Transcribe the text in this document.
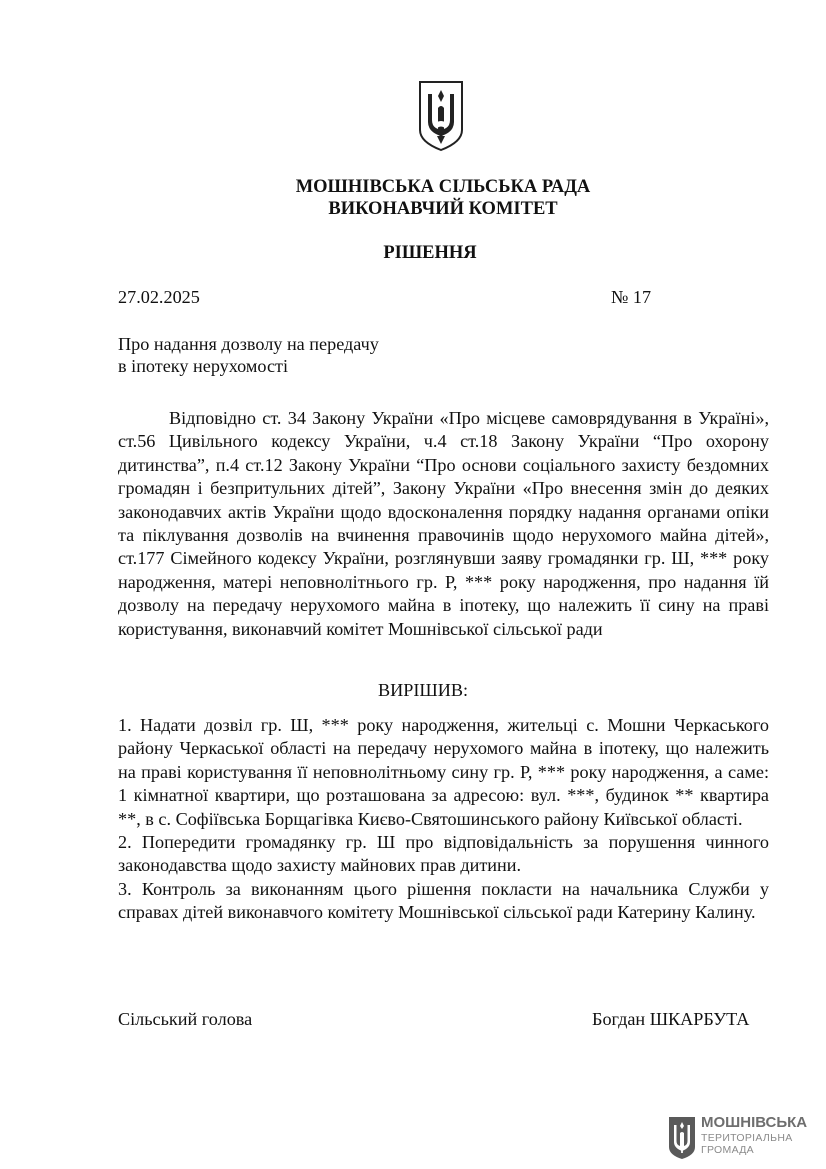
МОШНІВСЬКА СІЛЬСЬКА РАДА
ВИКОНАВЧИЙ КОМІТЕТ
РІШЕННЯ
27.02.2025	№ 17
Про надання дозволу на передачу
в іпотеку нерухомості
Відповідно ст. 34 Закону України «Про місцеве самоврядування в Україні», ст.56 Цивільного кодексу України, ч.4 ст.18 Закону України “Про охорону дитинства”, п.4 ст.12 Закону України “Про основи соціального захисту бездомних громадян і безпритульних дітей”, Закону України «Про внесення змін до деяких законодавчих актів України щодо вдосконалення порядку надання органами опіки та піклування дозволів на вчинення правочинів щодо нерухомого майна дітей», ст.177 Сімейного кодексу України, розглянувши заяву громадянки гр. Ш, *** року народження, матері неповнолітнього гр. Р, *** року народження, про надання їй дозволу на передачу нерухомого майна в іпотеку, що належить її сину на праві користування, виконавчий комітет Мошнівської сільської ради
ВИРІШИВ:

1. Надати дозвіл гр. Ш, *** року народження, жительці с. Мошни Черкаського району Черкаської області на передачу нерухомого майна в іпотеку, що належить на праві користування її неповнолітньому сину гр. Р, *** року народження, а саме: 1 кімнатної квартири, що розташована за адресою: вул. ***, будинок ** квартира **, в с. Софіївська Борщагівка Києво-Святошинського району Київської області.

2. Попередити громадянку гр. Ш про відповідальність за порушення чинного законодавства щодо захисту майнових прав дитини.

3. Контроль за виконанням цього рішення покласти на начальника Служби у справах дітей виконавчого комітету Мошнівської сільської ради Катерину Калину.

Сільський голова	Богдан ШКАРБУТА
МОШНІВСЬКА
ТЕРИТОРІАЛЬНА
ГРОМАДА
